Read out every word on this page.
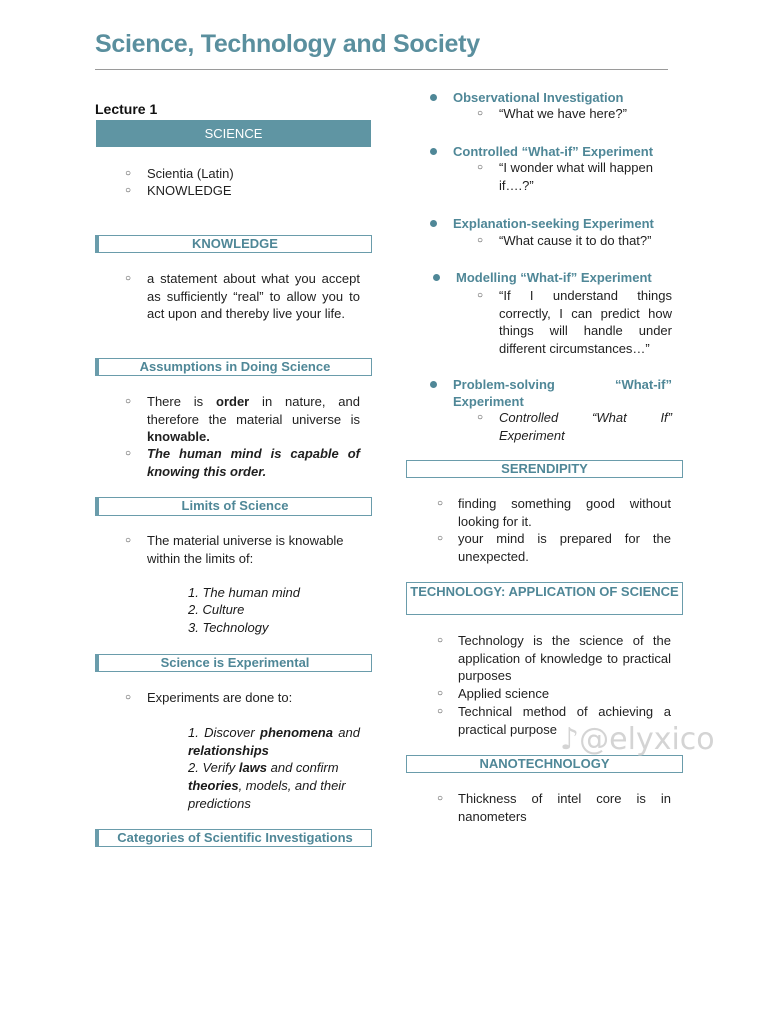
Science, Technology and Society
Lecture 1
SCIENCE
○ Scientia (Latin)
○ KNOWLEDGE
KNOWLEDGE
○ a statement about what you accept as sufficiently “real” to allow you to act upon and thereby live your life.
Assumptions in Doing Science
○ There is order in nature, and therefore the material universe is knowable.
○ The human mind is capable of knowing this order.
Limits of Science
○ The material universe is knowable within the limits of:
1. The human mind
2. Culture
3. Technology
Science is Experimental
○ Experiments are done to:
1. Discover phenomena and relationships
2. Verify laws and confirm theories, models, and their predictions
Categories of Scientific Investigations
Observational Investigation
○ “What we have here?”
Controlled “What-if” Experiment
○ “I wonder what will happen if….?”
Explanation-seeking Experiment
○ “What cause it to do that?”
Modelling “What-if” Experiment
○ “If I understand things correctly, I can predict how things will handle under different circumstances…”
Problem-solving	“What-if”
Experiment
○ Controlled “What If” Experiment
SERENDIPITY
○ finding something good without looking for it.
○ your mind is prepared for the unexpected.
TECHNOLOGY: APPLICATION OF SCIENCE
○ Technology is the science of the application of knowledge to practical purposes
○ Applied science
○ Technical method of achieving a practical purpose
NANOTECHNOLOGY
○ Thickness of intel core is in nanometers
♪@elyxico
